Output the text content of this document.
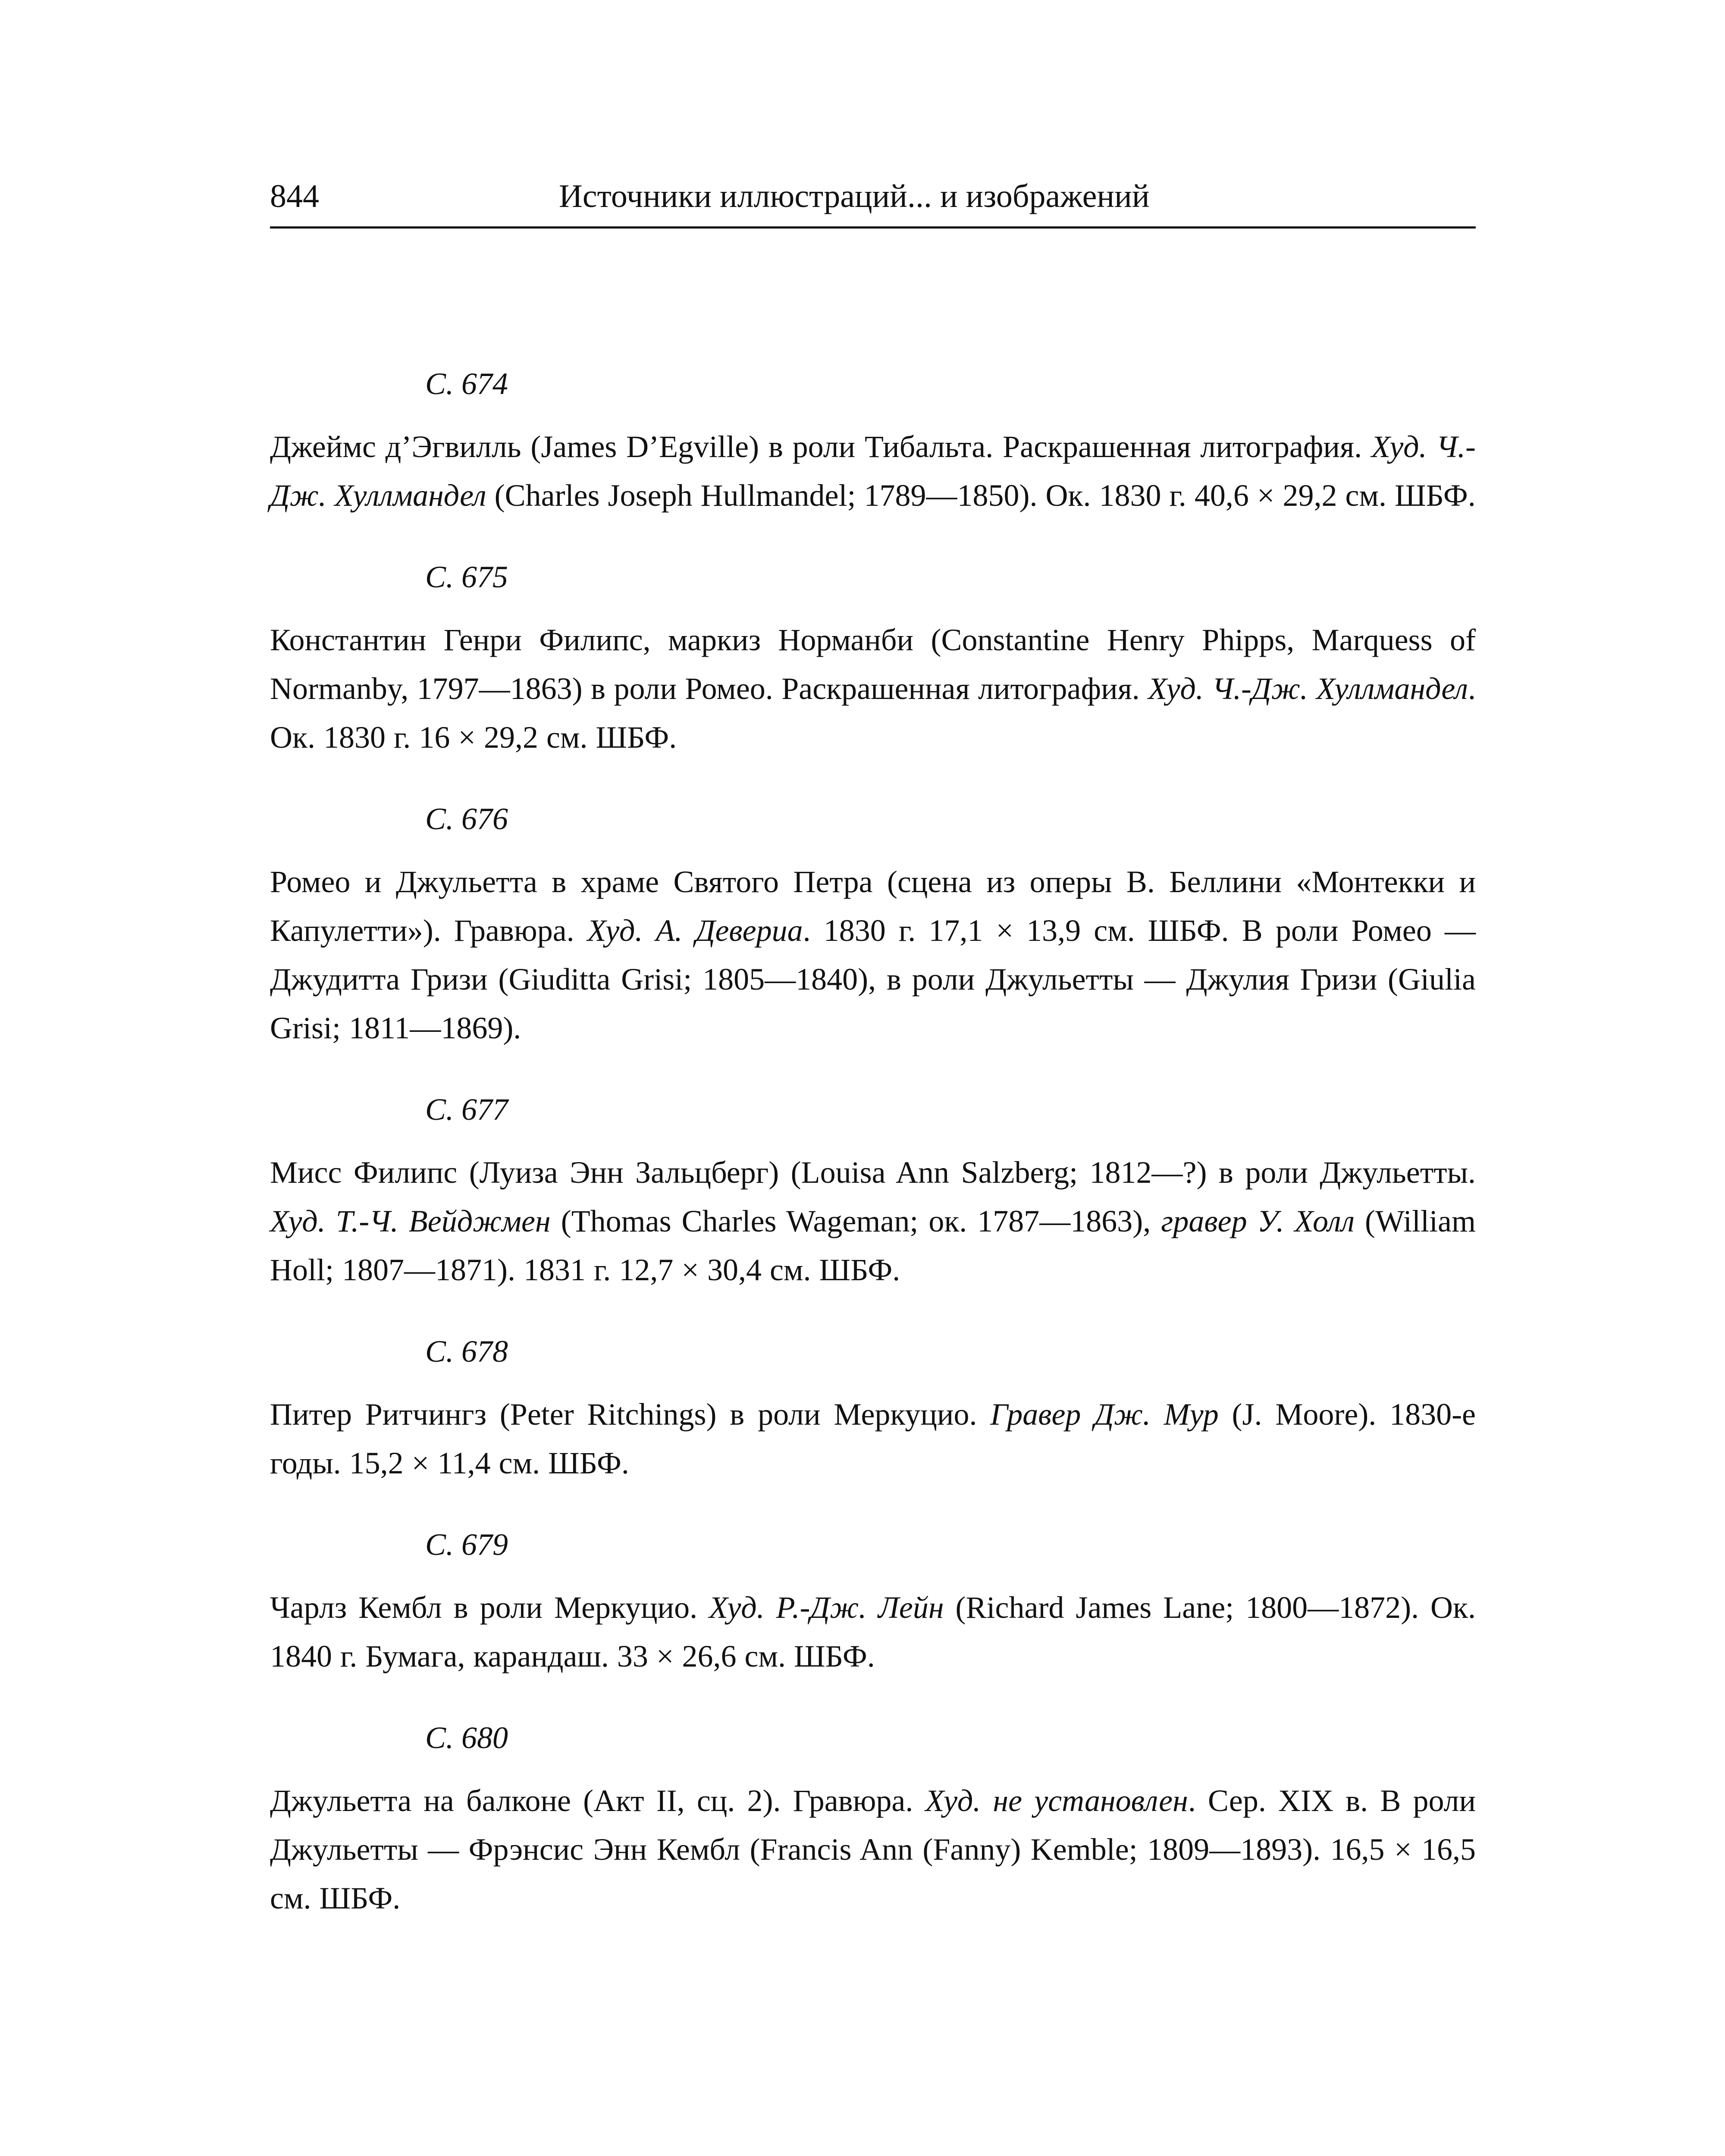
844	Источники иллюстраций... и изображений
С. 674

Джеймс д’Эгвилль (James D’Egville) в роли Тибальта. Раскрашенная литография. Худ. Ч.-Дж. Хуллмандел (Charles Joseph Hullmandel; 1789—1850). Ок. 1830 г. 40,6 × 29,2 см. ШБФ.

С. 675

Константин Генри Филипс, маркиз Норманби (Constantine Henry Phipps, Marquess of Normanby, 1797—1863) в роли Ромео. Раскрашенная литография. Худ. Ч.-Дж. Хуллмандел. Ок. 1830 г. 16 × 29,2 см. ШБФ.

С. 676

Ромео и Джульетта в храме Святого Петра (сцена из оперы В. Беллини «Монтекки и Капулетти»). Гравюра. Худ. А. Девериа. 1830 г. 17,1 × 13,9 см. ШБФ. В роли Ромео — Джудитта Гризи (Giuditta Grisi; 1805—1840), в роли Джульетты — Джулия Гризи (Giulia Grisi; 1811—1869).

С. 677

Мисс Филипс (Луиза Энн Зальцберг) (Louisa Ann Salzberg; 1812—?) в роли Джульетты. Худ. Т.-Ч. Вейджмен (Thomas Charles Wageman; ок. 1787—1863), гравер У. Холл (William Holl; 1807—1871). 1831 г. 12,7 × 30,4 см. ШБФ.

С. 678

Питер Ритчингз (Peter Ritchings) в роли Меркуцио. Гравер Дж. Мур (J. Moore). 1830-е годы. 15,2 × 11,4 см. ШБФ.

С. 679

Чарлз Кембл в роли Меркуцио. Худ. Р.-Дж. Лейн (Richard James Lane; 1800—1872). Ок. 1840 г. Бумага, карандаш. 33 × 26,6 см. ШБФ.

С. 680

Джульетта на балконе (Акт II, сц. 2). Гравюра. Худ. не установлен. Сер. XIX в. В роли Джульетты — Фрэнсис Энн Кембл (Francis Ann (Fanny) Kemble; 1809—1893). 16,5 × 16,5 см. ШБФ.
